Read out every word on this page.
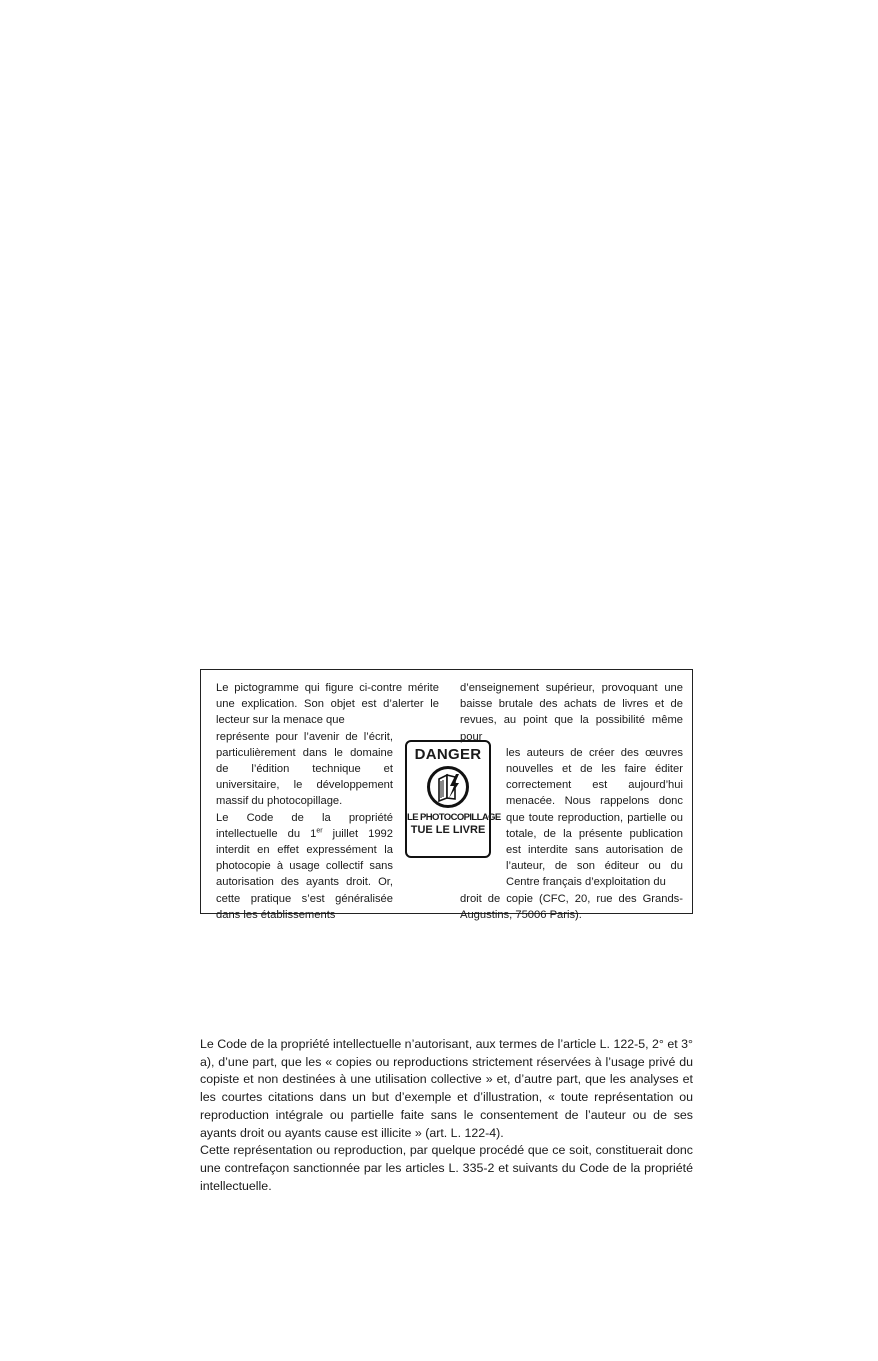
Le pictogramme qui figure ci-contre mérite une explication. Son objet est d’alerter le lecteur sur la menace que

représente pour l’avenir de l’écrit, particulièrement dans le domaine de l’édition technique et universitaire, le développement massif du photocopillage.

Le Code de la propriété intellectuelle du 1er juillet 1992 interdit en effet expressément la photocopie à usage collectif sans autorisation des ayants droit. Or, cette pratique s’est généralisée dans les établissements

DANGER
LE PHOTOCOPILLAGE
TUE LE LIVRE

d’enseignement supérieur, provoquant une baisse brutale des achats de livres et de revues, au point que la possibilité même pour

les auteurs de créer des œuvres nouvelles et de les faire éditer correctement est aujourd’hui menacée. Nous rappelons donc que toute reproduction, partielle ou totale, de la présente publication est interdite sans autorisation de l’auteur, de son éditeur ou du Centre français d’exploitation du

droit de copie (CFC, 20, rue des Grands-Augustins, 75006 Paris).

Le Code de la propriété intellectuelle n’autorisant, aux termes de l’article L. 122-5, 2° et 3° a), d’une part, que les « copies ou reproductions strictement réservées à l’usage privé du copiste et non destinées à une utilisation collective » et, d’autre part, que les analyses et les courtes citations dans un but d’exemple et d’illustration, « toute représentation ou reproduction intégrale ou partielle faite sans le consentement de l’auteur ou de ses ayants droit ou ayants cause est illicite » (art. L. 122-4).

Cette représentation ou reproduction, par quelque procédé que ce soit, constituerait donc une contrefaçon sanctionnée par les articles L. 335-2 et suivants du Code de la propriété intellectuelle.
